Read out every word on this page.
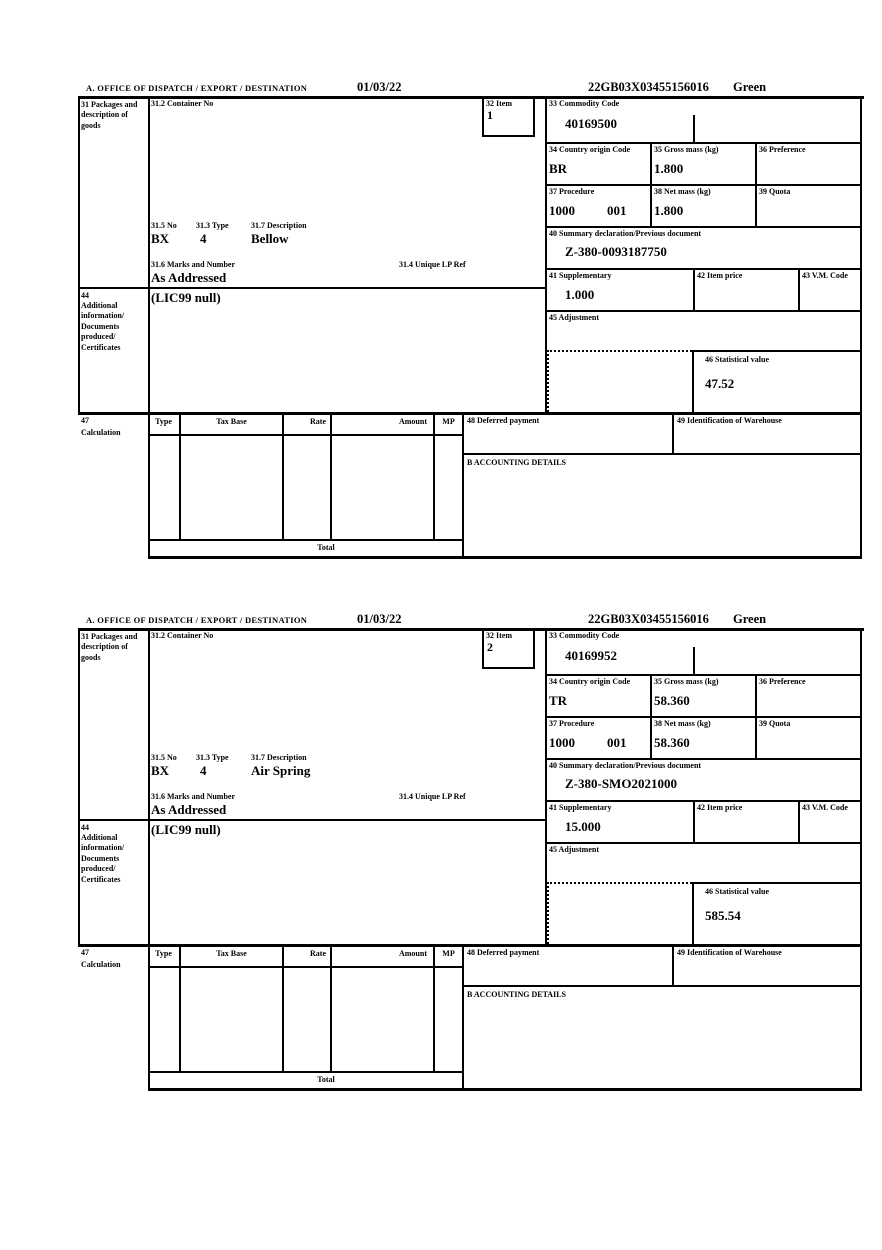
A. OFFICE OF DISPATCH / EXPORT / DESTINATION	01/03/22	22GB03X03455156016 Green
31 Packages and description of goods
31.2 Container No	32 Item
1
33 Commodity Code
40169500
34 Country origin Code
BR
35 Gross mass (kg)
1.800
36 Preference
37 Procedure
1000 001
38 Net mass (kg)
1.800
39 Quota
31.5 No 31.3 Type	31.7 Description
BX 4	Bellow
31.6 Marks and Number	31.4 Unique LP Ref
As Addressed
40 Summary declaration/Previous document
Z-380-0093187750
41 Supplementary
1.000
42 Item price	43 V.M. Code
44
Additional information/ Documents produced/ Certificates
(LIC99 null)
45 Adjustment
46 Statistical value
47.52
47
Calculation
Type	Tax Base	Rate	Amount	MP	48 Deferred payment	49 Identification of Warehouse
B ACCOUNTING DETAILS
Total
A. OFFICE OF DISPATCH / EXPORT / DESTINATION	01/03/22	22GB03X03455156016 Green
31 Packages and description of goods
31.2 Container No	32 Item
2
33 Commodity Code
40169952
34 Country origin Code
TR
35 Gross mass (kg)
58.360
36 Preference
37 Procedure
1000 001
38 Net mass (kg)
58.360
39 Quota
31.5 No 31.3 Type	31.7 Description
BX 4	Air Spring
31.6 Marks and Number	31.4 Unique LP Ref
As Addressed
40 Summary declaration/Previous document
Z-380-SMO2021000
41 Supplementary
15.000
42 Item price	43 V.M. Code
44
Additional information/ Documents produced/ Certificates
(LIC99 null)
45 Adjustment
46 Statistical value
585.54
47
Calculation
Type	Tax Base	Rate	Amount	MP	48 Deferred payment	49 Identification of Warehouse
B ACCOUNTING DETAILS
Total
